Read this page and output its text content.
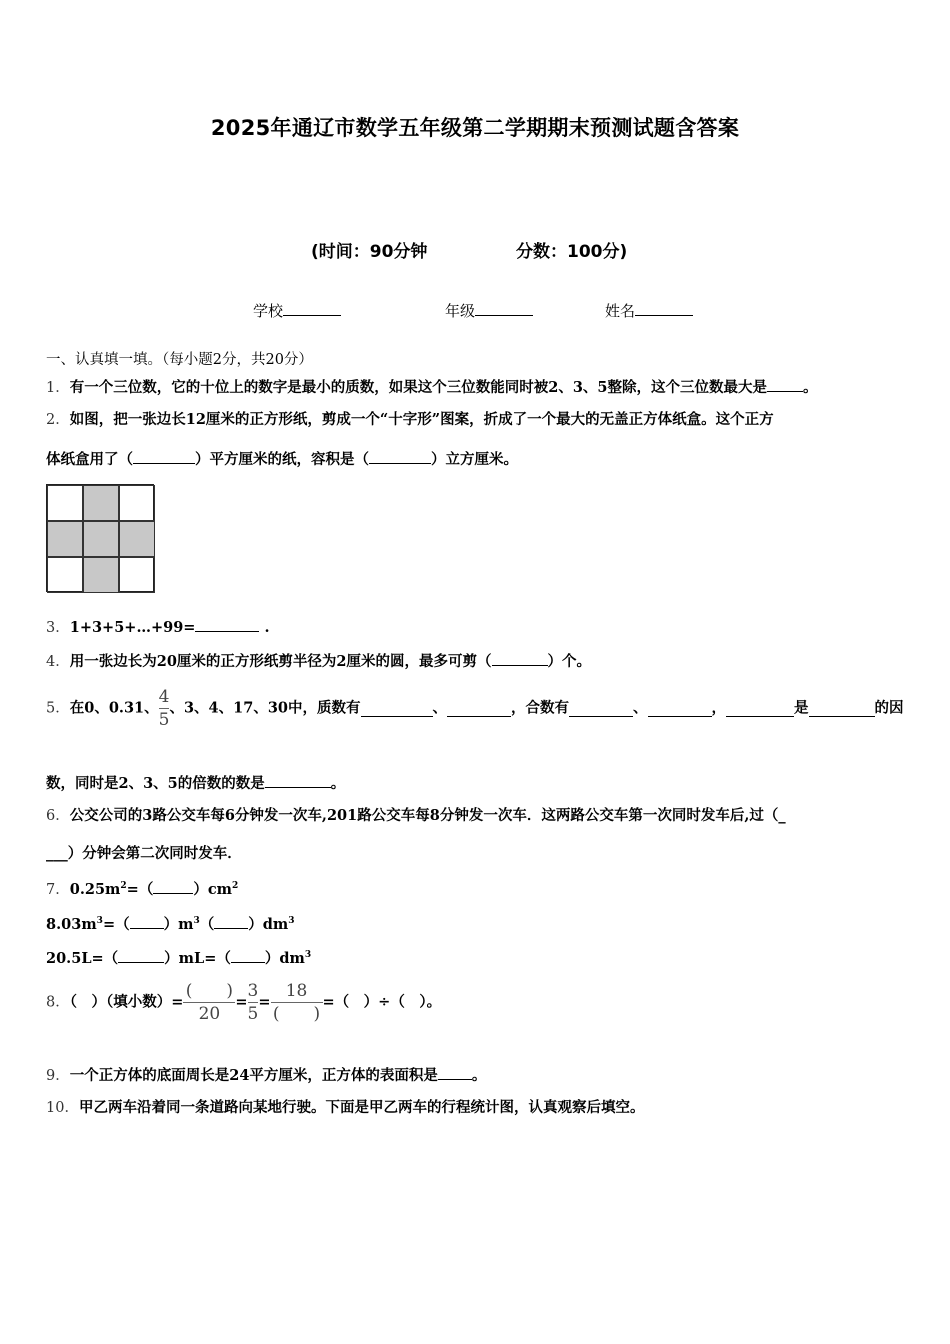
2025年通辽市数学五年级第二学期期末预测试题含答案
(时间：90分钟	分数：100分)
学校	年级	姓名
一、认真填一填。（每小题2分，共20分）
1．有一个三位数，它的十位上的数字是最小的质数，如果这个三位数能同时被2、3、5整除，这个三位数最大是 。
2．如图，把一张边长12厘米的正方形纸，剪成一个“十字形”图案，折成了一个最大的无盖正方体纸盒。这个正方
体纸盒用了（	）平方厘米的纸，容积是（	）立方厘米。
3．1+3+5+…+99=	.
4．用一张边长为20厘米的正方形纸剪半径为2厘米的圆，最多可剪（	）个。
5．在0、0.31、 $\frac{4}{5}$ 、3、4、17、30中，质数有	、	，合数有	、	，	是	的因
数，同时是2、3、5的倍数的数是	。
6．公交公司的3路公交车每6分钟发一次车,201路公交车每8分钟发一次车．这两路公交车第一次同时发车后,过（_
___）分钟会第二次同时发车．
7．$0.25m^2=$（	）$cm^2$
$8.03m^3=$（ ）$m^3$（ ）$dm^3$
20.5L=（	）mL=（ ）$dm^3$
8．（　）（填小数）= $\frac{( )}{20} = \frac{3}{5} = \frac{18}{( )}$ =（　）÷（　）。
9．一个正方体的底面周长是24平方厘米，正方体的表面积是 。
10．甲乙两车沿着同一条道路向某地行驶。下面是甲乙两车的行程统计图，认真观察后填空。
